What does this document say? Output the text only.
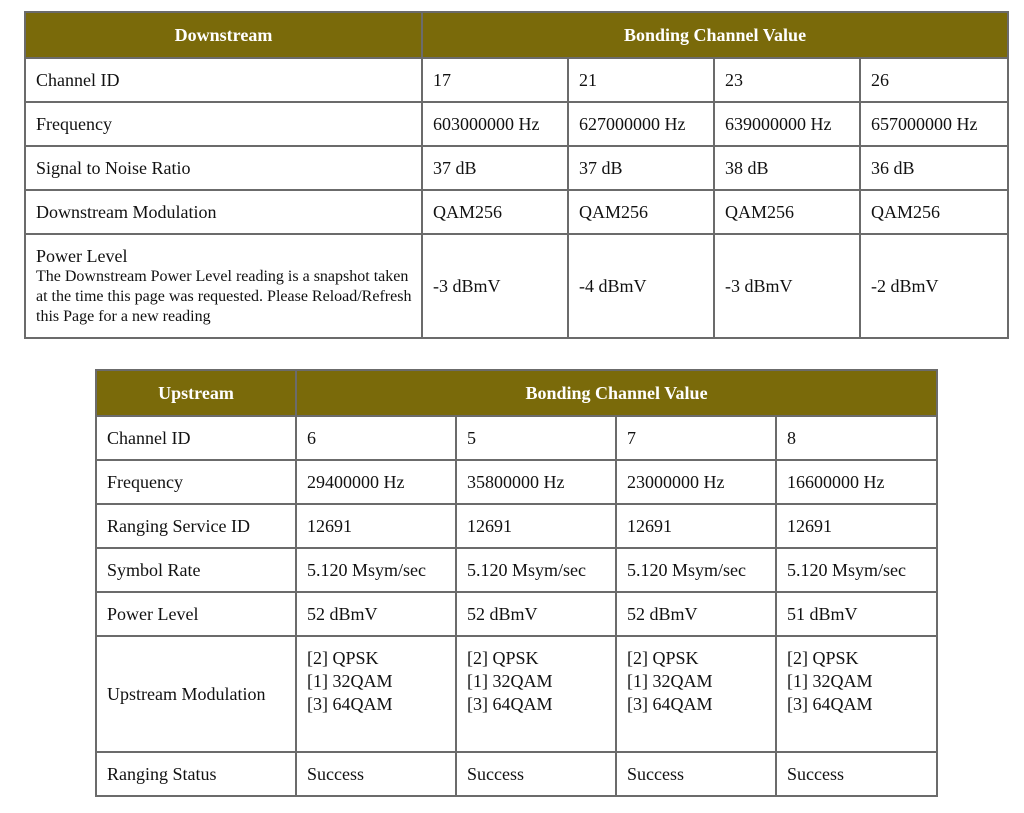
Downstream	Bonding Channel Value			
Channel ID	17	21	23	26
Frequency	603000000 Hz	627000000 Hz	639000000 Hz	657000000 Hz
Signal to Noise Ratio	37 dB	37 dB	38 dB	36 dB
Downstream Modulation	QAM256	QAM256	QAM256	QAM256

Power Level
The Downstream Power Level reading is a snapshot taken at the time this page was requested. Please Reload/Refresh this Page for a new reading	-3 dBmV	-4 dBmV	-3 dBmV	-2 dBmV
Upstream	Bonding Channel Value			
Channel ID	6	5	7	8
Frequency	29400000 Hz	35800000 Hz	23000000 Hz	16600000 Hz
Ranging Service ID	12691	12691	12691	12691
Symbol Rate	5.120 Msym/sec	5.120 Msym/sec	5.120 Msym/sec	5.120 Msym/sec
Power Level	52 dBmV	52 dBmV	52 dBmV	51 dBmV
Upstream Modulation	[2] QPSK
[1] 32QAM
[3] 64QAM	[2] QPSK
[1] 32QAM
[3] 64QAM	[2] QPSK
[1] 32QAM
[3] 64QAM	[2] QPSK
[1] 32QAM
[3] 64QAM

Ranging Status	Success	Success	Success	Success
